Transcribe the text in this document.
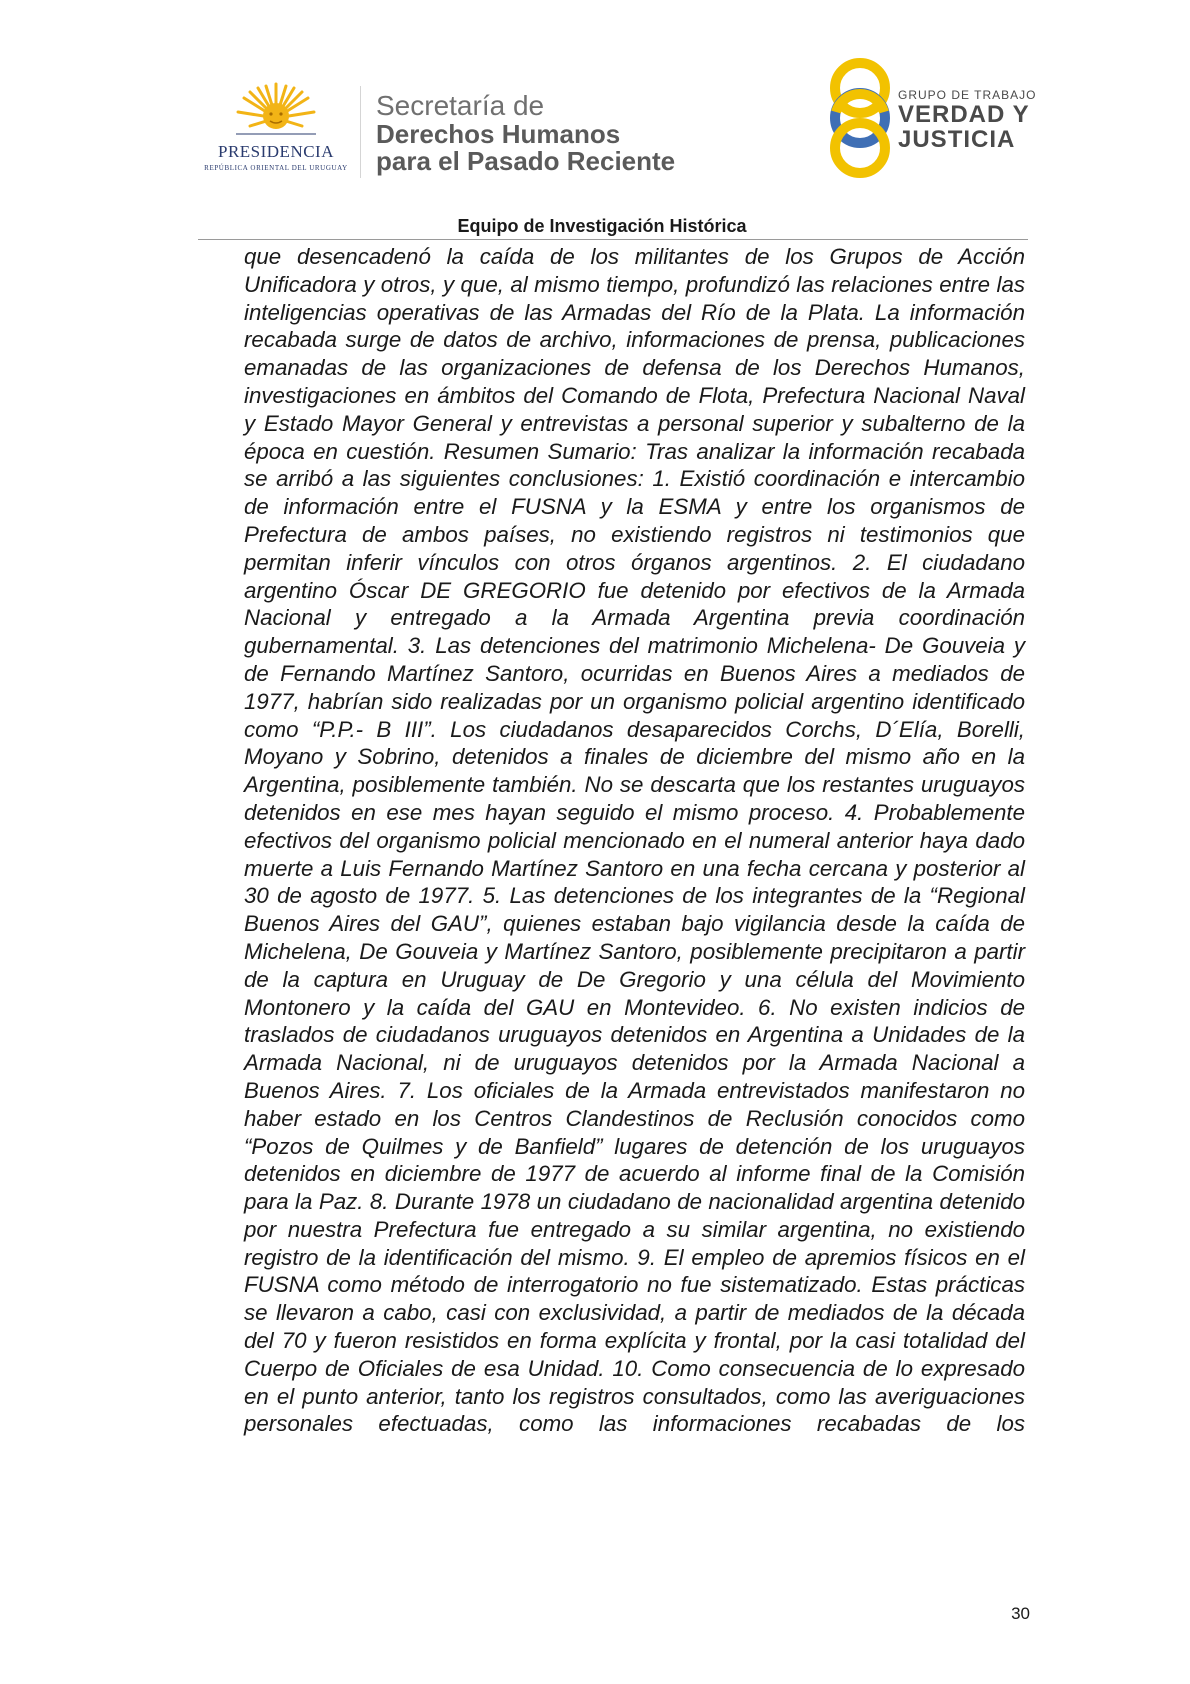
PRESIDENCIA
REPÚBLICA ORIENTAL DEL URUGUAY
Secretaría de
Derechos Humanos
para el Pasado Reciente
GRUPO DE TRABAJO
VERDAD Y
JUSTICIA
Equipo de Investigación Histórica

que desencadenó la caída de los militantes de los Grupos de Acción Unificadora y otros, y que, al mismo tiempo, profundizó las relaciones entre las inteligencias operativas de las Armadas del Río de la Plata. La información recabada surge de datos de archivo, informaciones de prensa, publicaciones emanadas de las organizaciones de defensa de los Derechos Humanos, investigaciones en ámbitos del Comando de Flota, Prefectura Nacional Naval y Estado Mayor General y entrevistas a personal superior y subalterno de la época en cuestión. Resumen Sumario: Tras analizar la información recabada se arribó a las siguientes conclusiones: 1. Existió coordinación e intercambio de información entre el FUSNA y la ESMA y entre los organismos de Prefectura de ambos países, no existiendo registros ni testimonios que permitan inferir vínculos con otros órganos argentinos. 2. El ciudadano argentino Óscar DE GREGORIO fue detenido por efectivos de la Armada Nacional y entregado a la Armada Argentina previa coordinación gubernamental. 3. Las detenciones del matrimonio Michelena- De Gouveia y de Fernando Martínez Santoro, ocurridas en Buenos Aires a mediados de 1977, habrían sido realizadas por un organismo policial argentino identificado como “P.P.- B III”. Los ciudadanos desaparecidos Corchs, D´Elía, Borelli, Moyano y Sobrino, detenidos a finales de diciembre del mismo año en la Argentina, posiblemente también. No se descarta que los restantes uruguayos detenidos en ese mes hayan seguido el mismo proceso. 4. Probablemente efectivos del organismo policial mencionado en el numeral anterior haya dado muerte a Luis Fernando Martínez Santoro en una fecha cercana y posterior al 30 de agosto de 1977. 5. Las detenciones de los integrantes de la “Regional Buenos Aires del GAU”, quienes estaban bajo vigilancia desde la caída de Michelena, De Gouveia y Martínez Santoro, posiblemente precipitaron a partir de la captura en Uruguay de De Gregorio y una célula del Movimiento Montonero y la caída del GAU en Montevideo. 6. No existen indicios de traslados de ciudadanos uruguayos detenidos en Argentina a Unidades de la Armada Nacional, ni de uruguayos detenidos por la Armada Nacional a Buenos Aires. 7. Los oficiales de la Armada entrevistados manifestaron no haber estado en los Centros Clandestinos de Reclusión conocidos como “Pozos de Quilmes y de Banfield” lugares de detención de los uruguayos detenidos en diciembre de 1977 de acuerdo al informe final de la Comisión para la Paz. 8. Durante 1978 un ciudadano de nacionalidad argentina detenido por nuestra Prefectura fue entregado a su similar argentina, no existiendo registro de la identificación del mismo. 9. El empleo de apremios físicos en el FUSNA como método de interrogatorio no fue sistematizado. Estas prácticas se llevaron a cabo, casi con exclusividad, a partir de mediados de la década del 70 y fueron resistidos en forma explícita y frontal, por la casi totalidad del Cuerpo de Oficiales de esa Unidad. 10. Como consecuencia de lo expresado en el punto anterior, tanto los registros consultados, como las averiguaciones personales efectuadas, como las informaciones recabadas de los

30
